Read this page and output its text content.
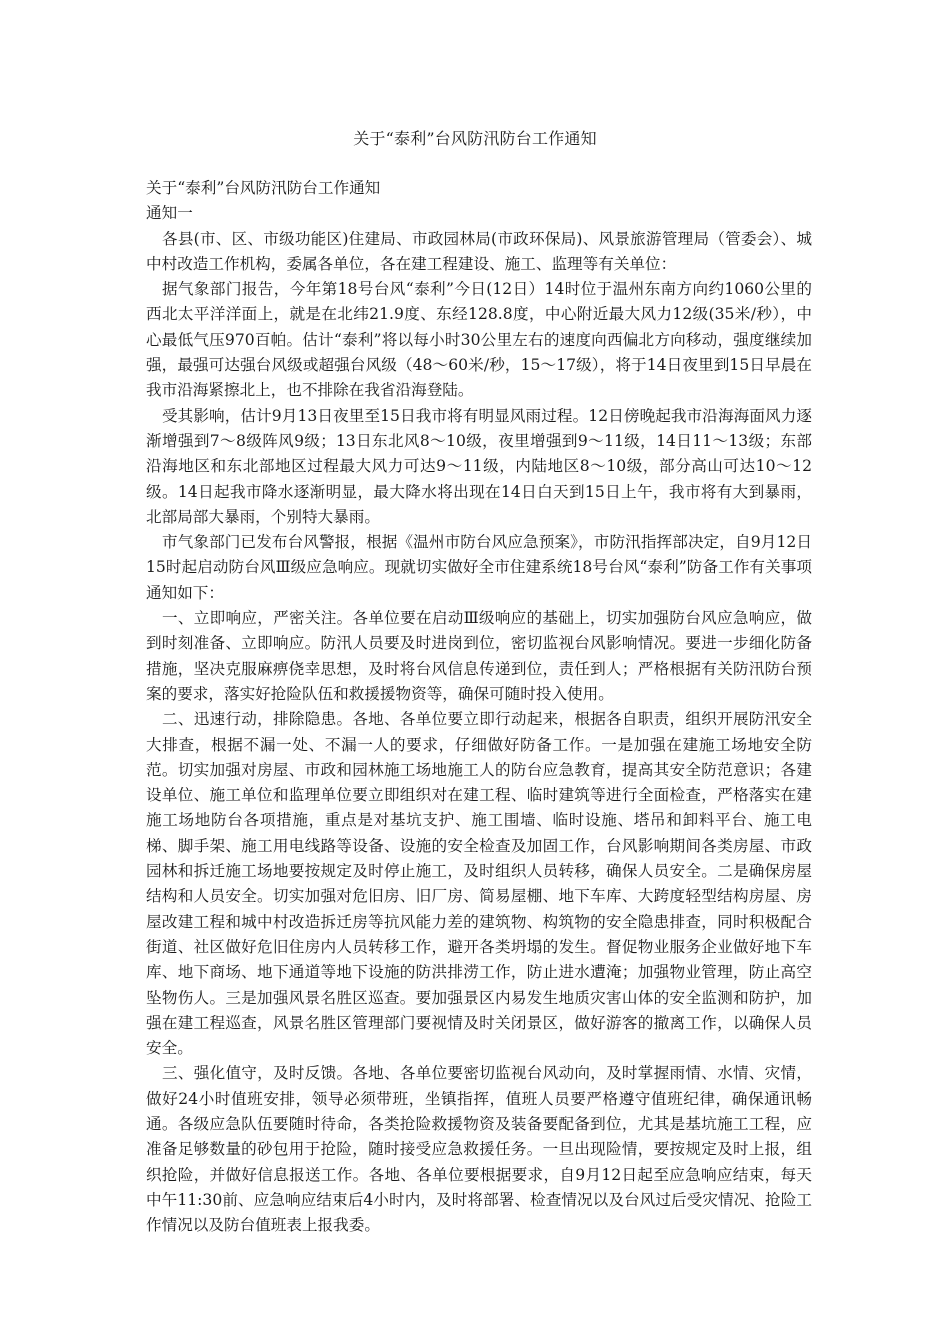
关于“泰利”台风防汛防台工作通知

关于“泰利”台风防汛防台工作通知

通知一

各县(市、区、市级功能区)住建局、市政园林局(市政环保局)、风景旅游管理局（管委会）、城中村改造工作机构，委属各单位，各在建工程建设、施工、监理等有关单位：

据气象部门报告，今年第18号台风“泰利”今日(12日）14时位于温州东南方向约1060公里的西北太平洋洋面上，就是在北纬21.9度、东经128.8度，中心附近最大风力12级(35米/秒），中心最低气压970百帕。估计“泰利”将以每小时30公里左右的速度向西偏北方向移动，强度继续加强，最强可达强台风级或超强台风级（48～60米/秒，15～17级），将于14日夜里到15日早晨在我市沿海紧擦北上，也不排除在我省沿海登陆。

受其影响，估计9月13日夜里至15日我市将有明显风雨过程。12日傍晚起我市沿海海面风力逐渐增强到7～8级阵风9级；13日东北风8～10级，夜里增强到9～11级，14日11～13级；东部沿海地区和东北部地区过程最大风力可达9～11级，内陆地区8～10级，部分高山可达10～12级。14日起我市降水逐渐明显，最大降水将出现在14日白天到15日上午，我市将有大到暴雨，北部局部大暴雨，个别特大暴雨。

市气象部门已发布台风警报，根据《温州市防台风应急预案》，市防汛指挥部决定，自9月12日15时起启动防台风Ⅲ级应急响应。现就切实做好全市住建系统18号台风“泰利”防备工作有关事项通知如下：

一、立即响应，严密关注。各单位要在启动Ⅲ级响应的基础上，切实加强防台风应急响应，做到时刻准备、立即响应。防汛人员要及时进岗到位，密切监视台风影响情况。要进一步细化防备措施，坚决克服麻痹侥幸思想，及时将台风信息传递到位，责任到人；严格根据有关防汛防台预案的要求，落实好抢险队伍和救援援物资等，确保可随时投入使用。

二、迅速行动，排除隐患。各地、各单位要立即行动起来，根据各自职责，组织开展防汛安全大排查，根据不漏一处、不漏一人的要求，仔细做好防备工作。一是加强在建施工场地安全防范。切实加强对房屋、市政和园林施工场地施工人的防台应急教育，提高其安全防范意识；各建设单位、施工单位和监理单位要立即组织对在建工程、临时建筑等进行全面检查，严格落实在建施工场地防台各项措施，重点是对基坑支护、施工围墙、临时设施、塔吊和卸料平台、施工电梯、脚手架、施工用电线路等设备、设施的安全检查及加固工作，台风影响期间各类房屋、市政园林和拆迁施工场地要按规定及时停止施工，及时组织人员转移，确保人员安全。二是确保房屋结构和人员安全。切实加强对危旧房、旧厂房、简易屋棚、地下车库、大跨度轻型结构房屋、房屋改建工程和城中村改造拆迁房等抗风能力差的建筑物、构筑物的安全隐患排查，同时积极配合街道、社区做好危旧住房内人员转移工作，避开各类坍塌的发生。督促物业服务企业做好地下车库、地下商场、地下通道等地下设施的防洪排涝工作，防止进水遭淹；加强物业管理，防止高空坠物伤人。三是加强风景名胜区巡查。要加强景区内易发生地质灾害山体的安全监测和防护，加强在建工程巡查，风景名胜区管理部门要视情及时关闭景区，做好游客的撤离工作，以确保人员安全。

三、强化值守，及时反馈。各地、各单位要密切监视台风动向，及时掌握雨情、水情、灾情，做好24小时值班安排，领导必须带班，坐镇指挥，值班人员要严格遵守值班纪律，确保通讯畅通。各级应急队伍要随时待命，各类抢险救援物资及装备要配备到位，尤其是基坑施工工程，应准备足够数量的砂包用于抢险，随时接受应急救援任务。一旦出现险情，要按规定及时上报，组织抢险，并做好信息报送工作。各地、各单位要根据要求，自9月12日起至应急响应结束，每天中午11:30前、应急响应结束后4小时内，及时将部署、检查情况以及台风过后受灾情况、抢险工作情况以及防台值班表上报我委。
